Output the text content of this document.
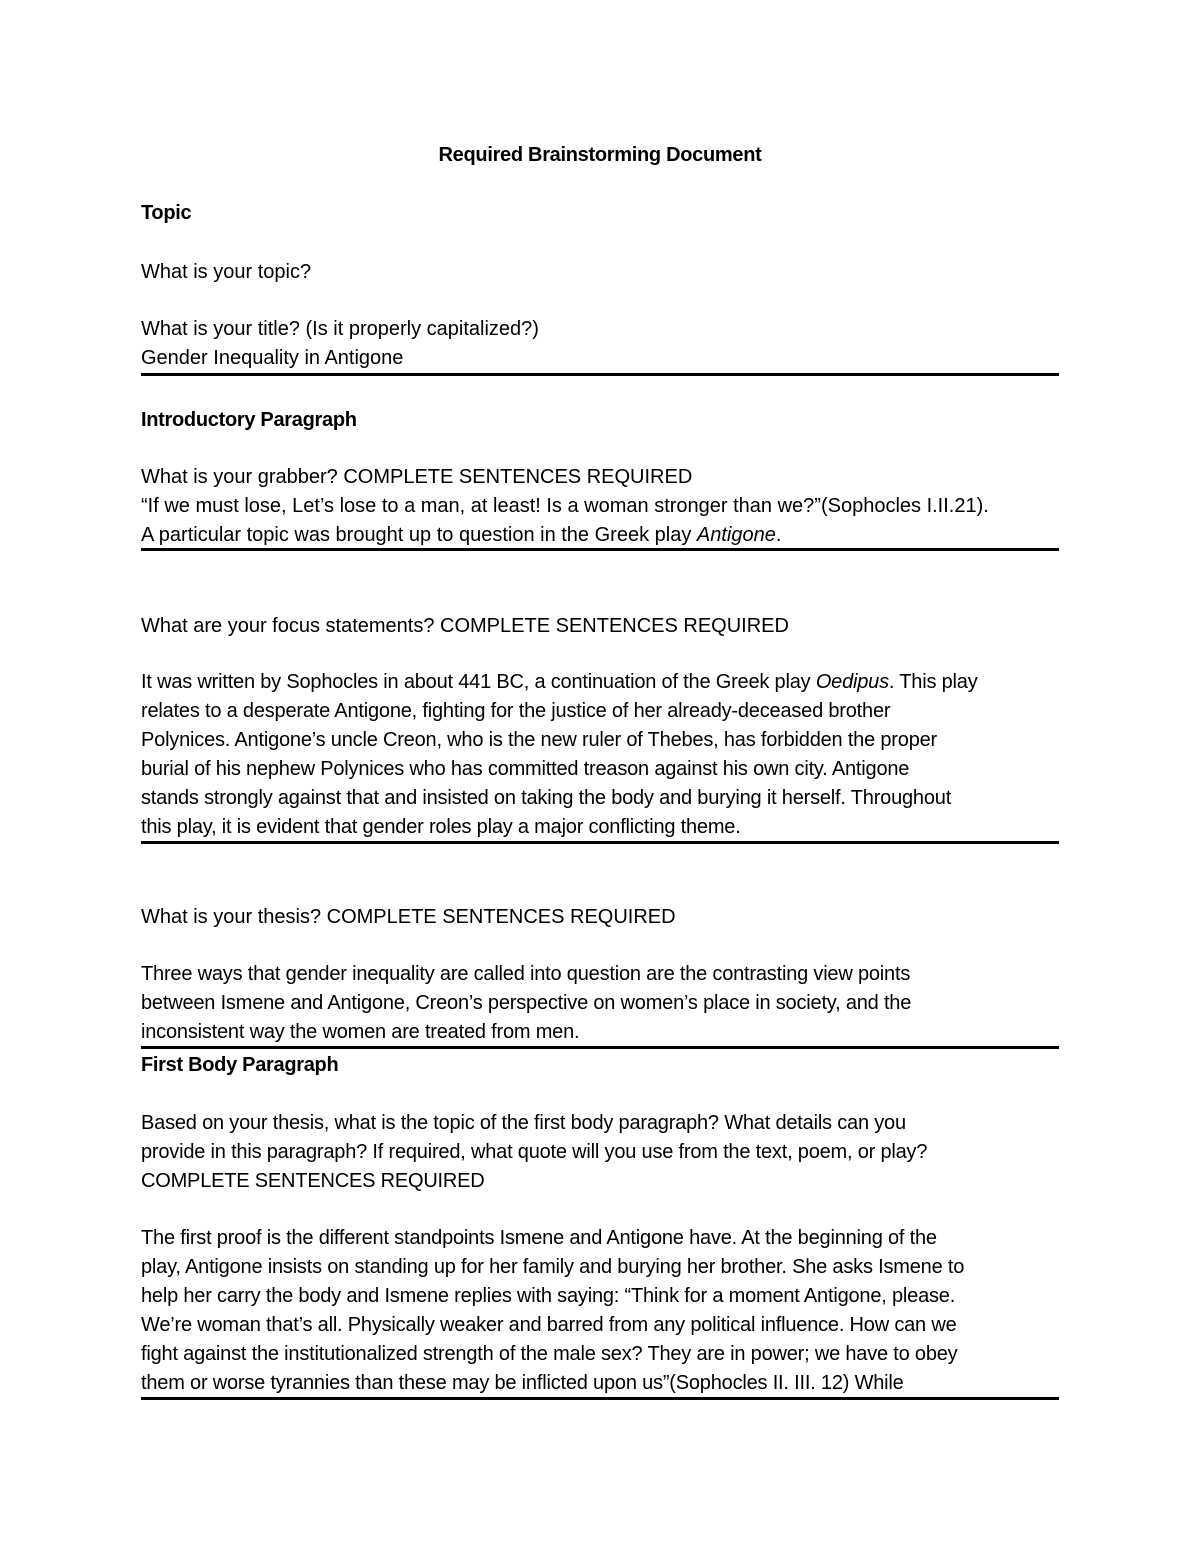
Required Brainstorming Document
Topic
What is your topic?
What is your title? (Is it properly capitalized?)
Gender Inequality in Antigone
Introductory Paragraph
What is your grabber? COMPLETE SENTENCES REQUIRED
“If we must lose, Let’s lose to a man, at least! Is a woman stronger than we?”(Sophocles I.II.21).
A particular topic was brought up to question in the Greek play Antigone.
What are your focus statements? COMPLETE SENTENCES REQUIRED

It was written by Sophocles in about 441 BC, a continuation of the Greek play Oedipus. This play

relates to a desperate Antigone, fighting for the justice of her already-deceased brother

Polynices. Antigone’s uncle Creon, who is the new ruler of Thebes, has forbidden the proper

burial of his nephew Polynices who has committed treason against his own city. Antigone

stands strongly against that and insisted on taking the body and burying it herself. Throughout

this play, it is evident that gender roles play a major conflicting theme.

What is your thesis? COMPLETE SENTENCES REQUIRED

Three ways that gender inequality are called into question are the contrasting view points

between Ismene and Antigone, Creon’s perspective on women’s place in society, and the

inconsistent way the women are treated from men.

First Body Paragraph

Based on your thesis, what is the topic of the first body paragraph? What details can you

provide in this paragraph? If required, what quote will you use from the text, poem, or play?

COMPLETE SENTENCES REQUIRED

The first proof is the different standpoints Ismene and Antigone have. At the beginning of the

play, Antigone insists on standing up for her family and burying her brother. She asks Ismene to

help her carry the body and Ismene replies with saying: “Think for a moment Antigone, please.

We’re woman that’s all. Physically weaker and barred from any political influence. How can we

fight against the institutionalized strength of the male sex? They are in power; we have to obey

them or worse tyrannies than these may be inflicted upon us”(Sophocles II. III. 12) While
